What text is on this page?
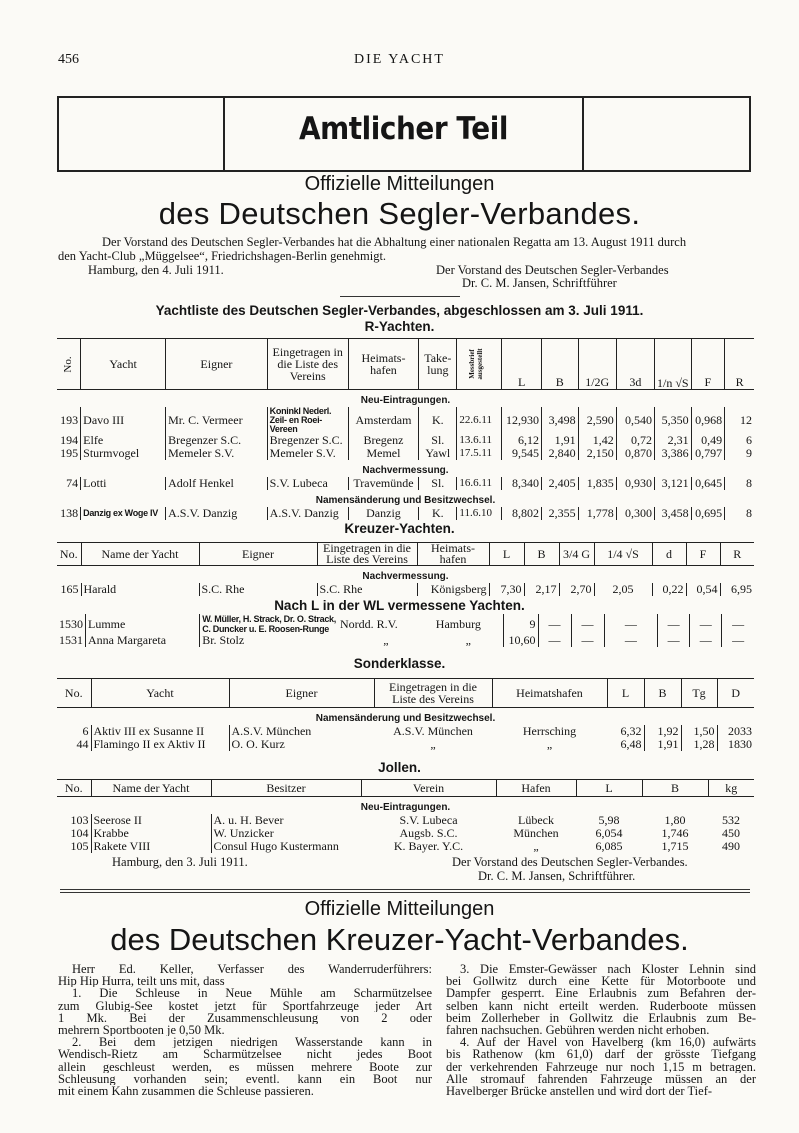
456	DIE YACHT
Amtlicher Teil
Offizielle Mitteilungen
des Deutschen Segler-Verbandes.

Der Vorstand des Deutschen Segler-Verbandes hat die Abhaltung einer nationalen Regatta am 13. August 1911 durch

den Yacht-Club „Müggelsee“, Friedrichshagen-Berlin genehmigt.

Hamburg, den 4. Juli 1911.	Der Vorstand des Deutschen Segler-Verbandes
Dr. C. M. Jansen, Schriftführer
Yachtliste des Deutschen Segler-Verbandes, abgeschlossen am 3. Juli 1911.
R-Yachten.
No.	Yacht	Eigner	Eingetragen in die Liste des Vereins	Heimats-hafen	Take-lung	Messbrief ausgestellt	L	B	1/2G	3d	1/n √S	F	R
Neu-Eintragungen.													
193	Davo III	Mr. C. Vermeer	Koninkl Nederl. Zeil- en Roei-Vereen	Amsterdam	K.	22.6.11	12,930	3,498	2,590	0,540	5,350	0,968	12
194	Elfe	Bregenzer S.C.	Bregenzer S.C.	Bregenz	Sl.	13.6.11	6,12	1,91	1,42	0,72	2,31	0,49	6
195	Sturmvogel	Memeler S.V.	Memeler S.V.	Memel	Yawl	17.5.11	9,545	2,840	2,150	0,870	3,386	0,797	9
Nachvermessung.													
74	Lotti	Adolf Henkel	S.V. Lubeca	Travemünde	Sl.	16.6.11	8,340	2,405	1,835	0,930	3,121	0,645	8
Namensänderung und Besitzwechsel.													
138	Danzig ex Woge IV	A.S.V. Danzig	A.S.V. Danzig	Danzig	K.	11.6.10	8,802	2,355	1,778	0,300	3,458	0,695	8
Kreuzer-Yachten.
No.	Name der Yacht	Eigner	Eingetragen in die Liste des Vereins	Heimats-hafen	L	B	3/4 G	1/4 √S	d	F	R
Nachvermessung.											
165	Harald	S.C. Rhe	S.C. Rhe	Königsberg	7,30	2,17	2,70	2,05	0,22	0,54	6,95
Nach L in der WL vermessene Yachten.
1530	Lumme	W. Müller, H. Strack, Dr. O. Strack,
C. Duncker u. E. Roosen-Runge	Nordd. R.V.	Hamburg	9	—	—	—	—	—	—
1531	Anna Margareta	Br. Stolz	„	„	10,60	—	—	—	—	—	—
Sonderklasse.
No.	Yacht	Eigner	Eingetragen in die Liste des Vereins	Heimatshafen	L	B	Tg	D
Namensänderung und Besitzwechsel.								
6	Aktiv III ex Susanne II	A.S.V. München	A.S.V. München	Herrsching	6,32	1,92	1,50	2033
44	Flamingo II ex Aktiv II	O. O. Kurz	„	„	6,48	1,91	1,28	1830
Jollen.
No.	Name der Yacht	Besitzer	Verein	Hafen	L	B	kg
Neu-Eintragungen.							
103	Seerose II	A. u. H. Bever	S.V. Lubeca	Lübeck	5,98	1,80	532
104	Krabbe	W. Unzicker	Augsb. S.C.	München	6,054	1,746	450
105	Rakete VIII	Consul Hugo Kustermann	K. Bayer. Y.C.	„	6,085	1,715	490
Hamburg, den 3. Juli 1911.	Der Vorstand des Deutschen Segler-Verbandes.
Dr. C. M. Jansen, Schriftführer.
Offizielle Mitteilungen
des Deutschen Kreuzer-Yacht-Verbandes.

Herr Ed. Keller, Verfasser des Wanderruderführers:

Hip Hip Hurra, teilt uns mit, dass

1. Die Schleuse in Neue Mühle am Scharmützelsee

zum Glubig-See kostet jetzt für Sportfahrzeuge jeder Art

1 Mk. Bei der Zusammenschleusung von 2 oder

mehrern Sportbooten je 0,50 Mk.

2. Bei dem jetzigen niedrigen Wasserstande kann in

Wendisch-Rietz am Scharmützelsee nicht jedes Boot

allein geschleust werden, es müssen mehrere Boote zur

Schleusung vorhanden sein; eventl. kann ein Boot nur

mit einem Kahn zusammen die Schleuse passieren.

3. Die Emster-Gewässer nach Kloster Lehnin sind

bei Gollwitz durch eine Kette für Motorboote und

Dampfer gesperrt. Eine Erlaubnis zum Befahren der-

selben kann nicht erteilt werden. Ruderboote müssen

beim Zollerheber in Gollwitz die Erlaubnis zum Be-

fahren nachsuchen. Gebühren werden nicht erhoben.

4. Auf der Havel von Havelberg (km 16,0) aufwärts

bis Rathenow (km 61,0) darf der grösste Tiefgang

der verkehrenden Fahrzeuge nur noch 1,15 m betragen.

Alle stromauf fahrenden Fahrzeuge müssen an der

Havelberger Brücke anstellen und wird dort der Tief-
